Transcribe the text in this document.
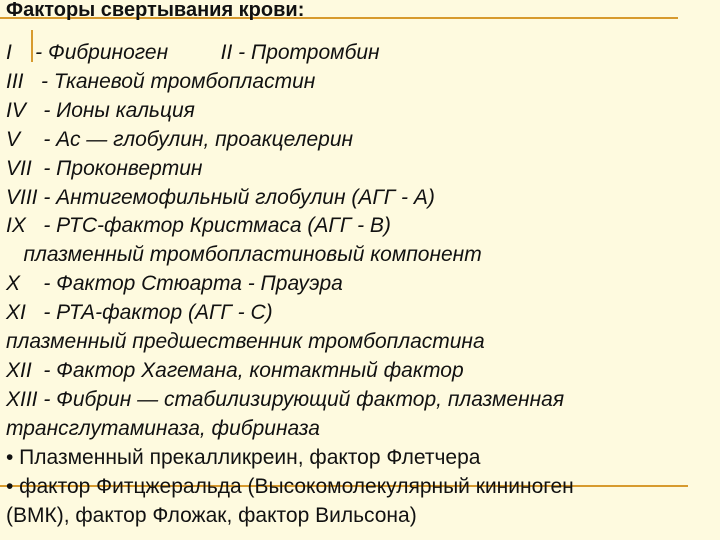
Факторы свертывания крови:
I    - Фибриноген         II - Протромбин
III   - Тканевой тромбопластин
IV   - Ионы кальция
V    - Ас — глобулин, проакцелерин
VII  - Проконвертин
VIII - Антигемофильный глобулин (АГГ - А)
IX   - РТС-фактор Кристмаса (АГГ - В)
плазменный тромбопластиновый компонент
X    - Фактор Стюарта - Прауэра
XI   - РТА-фактор (АГГ - С)
плазменный предшественник тромбопластина
XII  - Фактор Хагемана, контактный фактор
XIII - Фибрин — стабилизирующий фактор, плазменная
трансглутаминаза, фибриназа
• Плазменный прекалликреин, фактор Флетчера
• фактор Фитцжеральда (Высокомолекулярный кининоген
(ВМК), фактор Фложак, фактор Вильсона)
